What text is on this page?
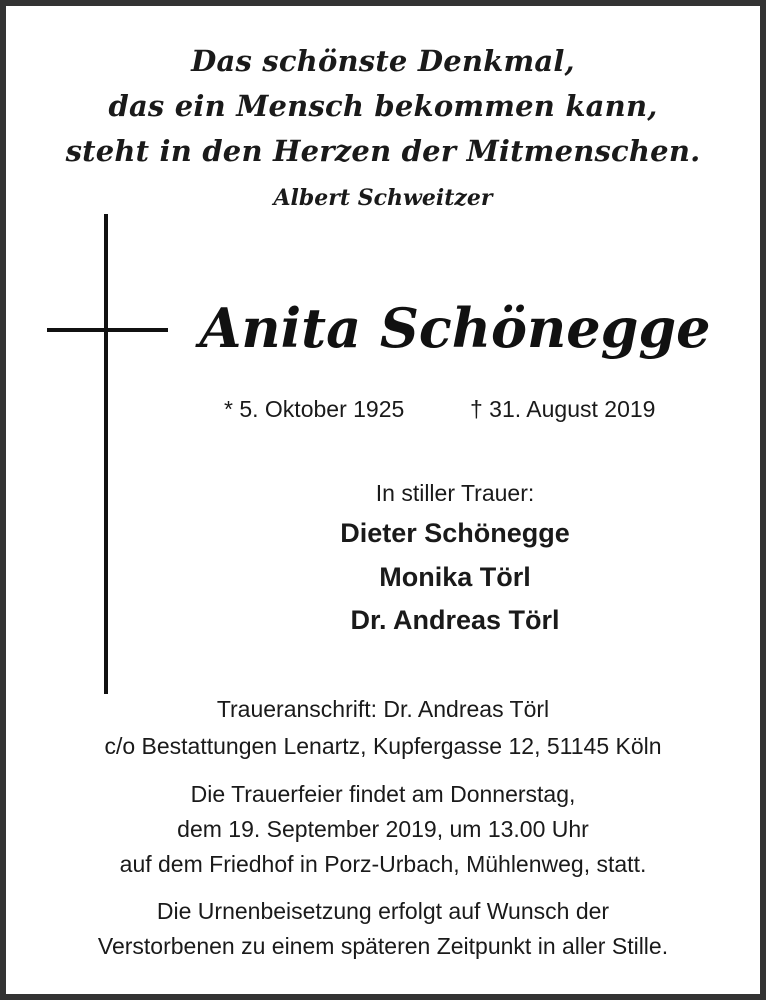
Das schönste Denkmal,
das ein Mensch bekommen kann,
steht in den Herzen der Mitmenschen.
Albert Schweitzer
Anita Schönegge
* 5. Oktober 1925	† 31. August 2019
In stiller Trauer:
Dieter Schönegge
Monika Törl
Dr. Andreas Törl
Traueranschrift: Dr. Andreas Törl
c/o Bestattungen Lenartz, Kupfergasse 12, 51145 Köln
Die Trauerfeier findet am Donnerstag,
dem 19. September 2019, um 13.00 Uhr
auf dem Friedhof in Porz-Urbach, Mühlenweg, statt.
Die Urnenbeisetzung erfolgt auf Wunsch der
Verstorbenen zu einem späteren Zeitpunkt in aller Stille.
